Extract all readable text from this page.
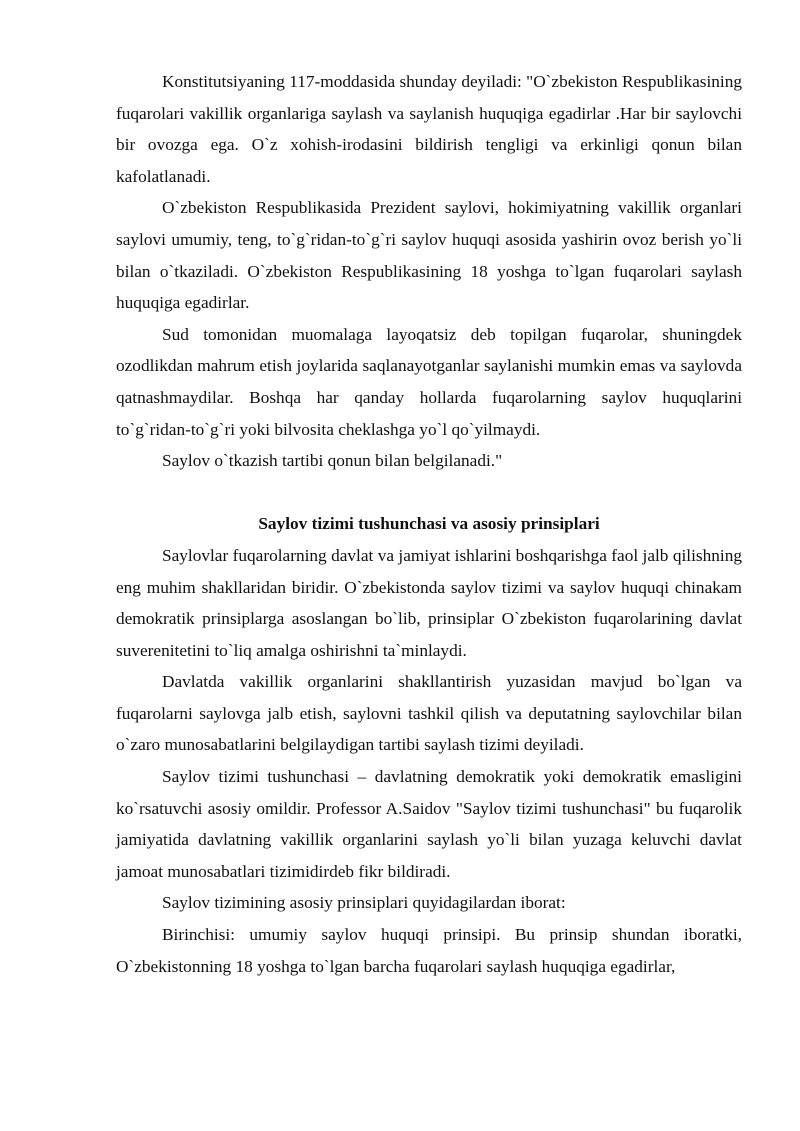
Konstitutsiyaning 117-moddasida shunday deyiladi: "O`zbekiston Respublikasining fuqarolari vakillik organlariga saylash va saylanish huquqiga egadirlar .Har bir saylovchi bir ovozga ega. O`z xohish-irodasini bildirish tengligi va erkinligi qonun bilan kafolatlanadi.

O`zbekiston Respublikasida Prezident saylovi, hokimiyatning vakillik organlari saylovi umumiy, teng, to`g`ridan-to`g`ri saylov huquqi asosida yashirin ovoz berish yo`li bilan o`tkaziladi. O`zbekiston Respublikasining 18 yoshga to`lgan fuqarolari saylash huquqiga egadirlar.

Sud tomonidan muomalaga layoqatsiz deb topilgan fuqarolar, shuningdek ozodlikdan mahrum etish joylarida saqlanayotganlar saylanishi mumkin emas va saylovda qatnashmaydilar. Boshqa har qanday hollarda fuqarolarning saylov huquqlarini to`g`ridan-to`g`ri yoki bilvosita cheklashga yo`l qo`yilmaydi.

Saylov o`tkazish tartibi qonun bilan belgilanadi."

Saylov tizimi tushunchasi va asosiy prinsiplari

Saylovlar fuqarolarning davlat va jamiyat ishlarini boshqarishga faol jalb qilishning eng muhim shakllaridan biridir. O`zbekistonda saylov tizimi va saylov huquqi chinakam demokratik prinsiplarga asoslangan bo`lib, prinsiplar O`zbekiston fuqarolarining davlat suverenitetini to`liq amalga oshirishni ta`minlaydi.

Davlatda vakillik organlarini shakllantirish yuzasidan mavjud bo`lgan va fuqarolarni saylovga jalb etish, saylovni tashkil qilish va deputatning saylovchilar bilan o`zaro munosabatlarini belgilaydigan tartibi saylash tizimi deyiladi.

Saylov tizimi tushunchasi – davlatning demokratik yoki demokratik emasligini ko`rsatuvchi asosiy omildir. Professor A.Saidov "Saylov tizimi tushunchasi" bu fuqarolik jamiyatida davlatning vakillik organlarini saylash yo`li bilan yuzaga keluvchi davlat jamoat munosabatlari tizimidirdeb fikr bildiradi.

Saylov tizimining asosiy prinsiplari quyidagilardan iborat:

Birinchisi: umumiy saylov huquqi prinsipi. Bu prinsip shundan iboratki, O`zbekistonning 18 yoshga to`lgan barcha fuqarolari saylash huquqiga egadirlar,
